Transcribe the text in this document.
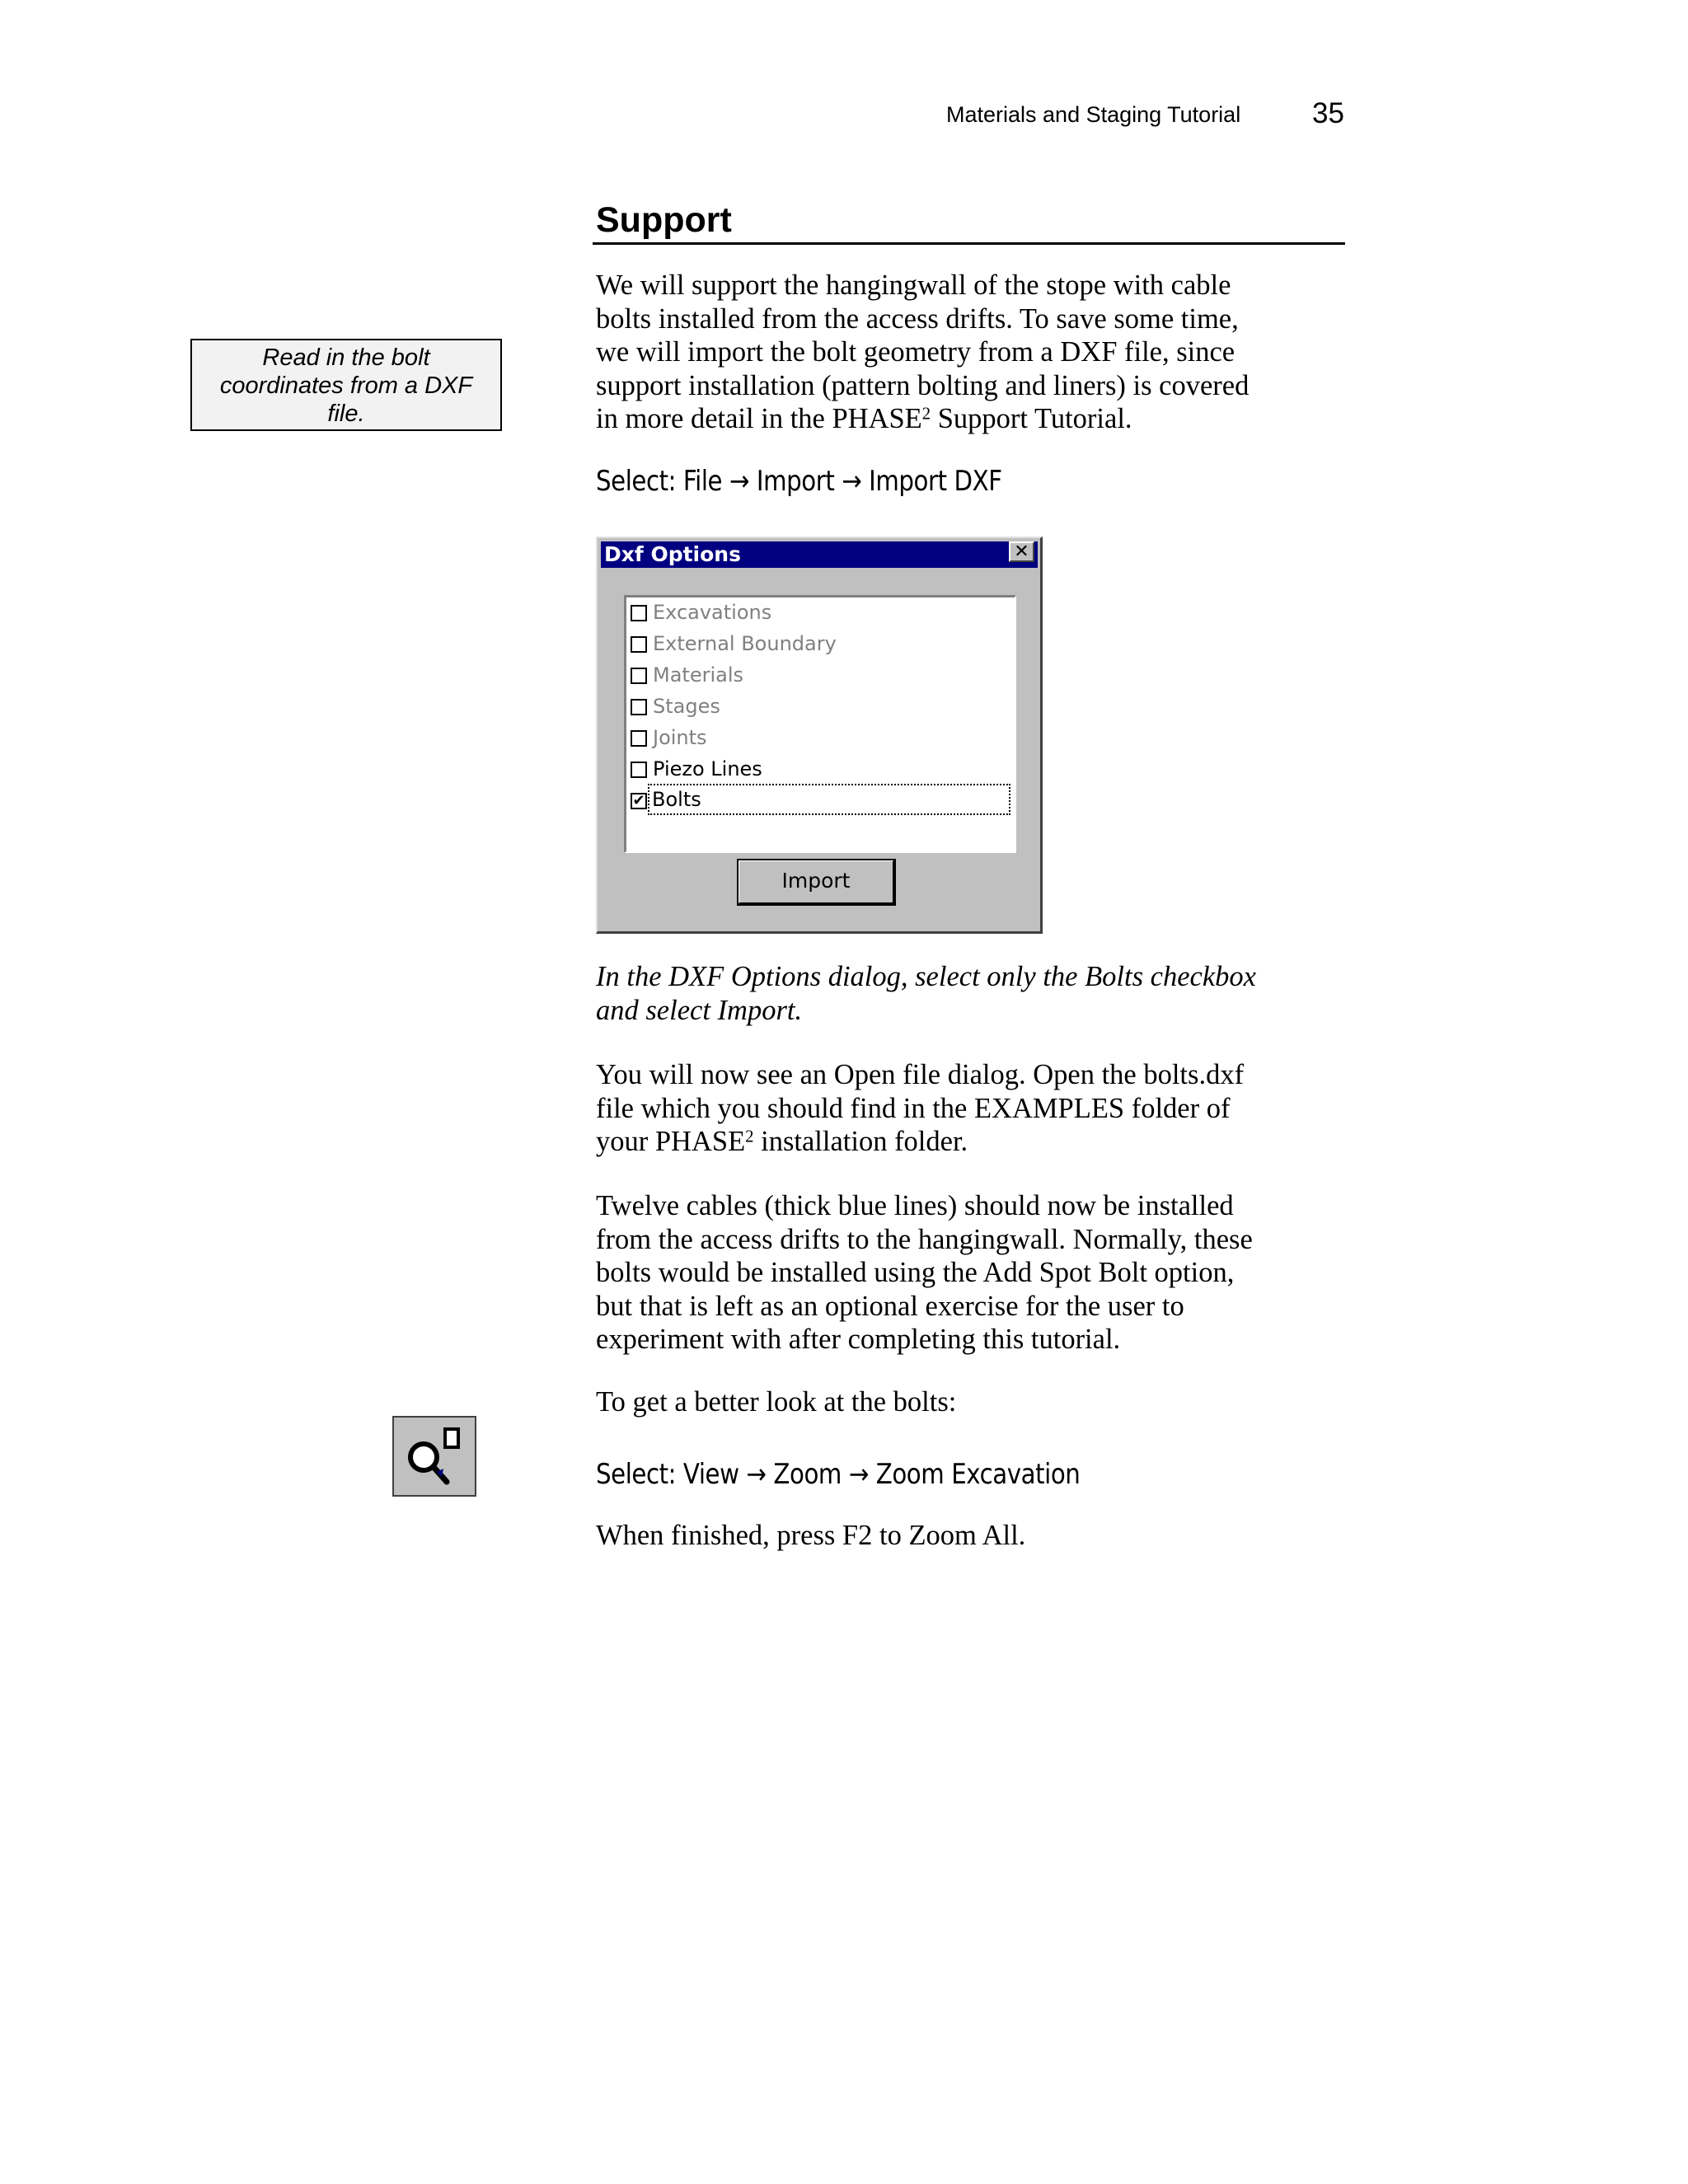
Materials and Staging Tutorial 35
Support
Read in the bolt
coordinates from a DXF
file.
We will support the hangingwall of the stope with cable
bolts installed from the access drifts. To save some time,
we will import the bolt geometry from a DXF file, since
support installation (pattern bolting and liners) is covered
in more detail in the PHASE$^2$ Support Tutorial.
Select: File → Import → Import DXF
Dxf Options	✕
Excavations
External Boundary
Materials
Stages
Joints
Piezo Lines
✔ Bolts
Import
In the DXF Options dialog, select only the Bolts checkbox
and select Import.
You will now see an Open file dialog. Open the bolts.dxf
file which you should find in the EXAMPLES folder of
your PHASE$^2$ installation folder.
Twelve cables (thick blue lines) should now be installed
from the access drifts to the hangingwall. Normally, these
bolts would be installed using the Add Spot Bolt option,
but that is left as an optional exercise for the user to
experiment with after completing this tutorial.
To get a better look at the bolts:
Select: View → Zoom → Zoom Excavation
When finished, press F2 to Zoom All.
